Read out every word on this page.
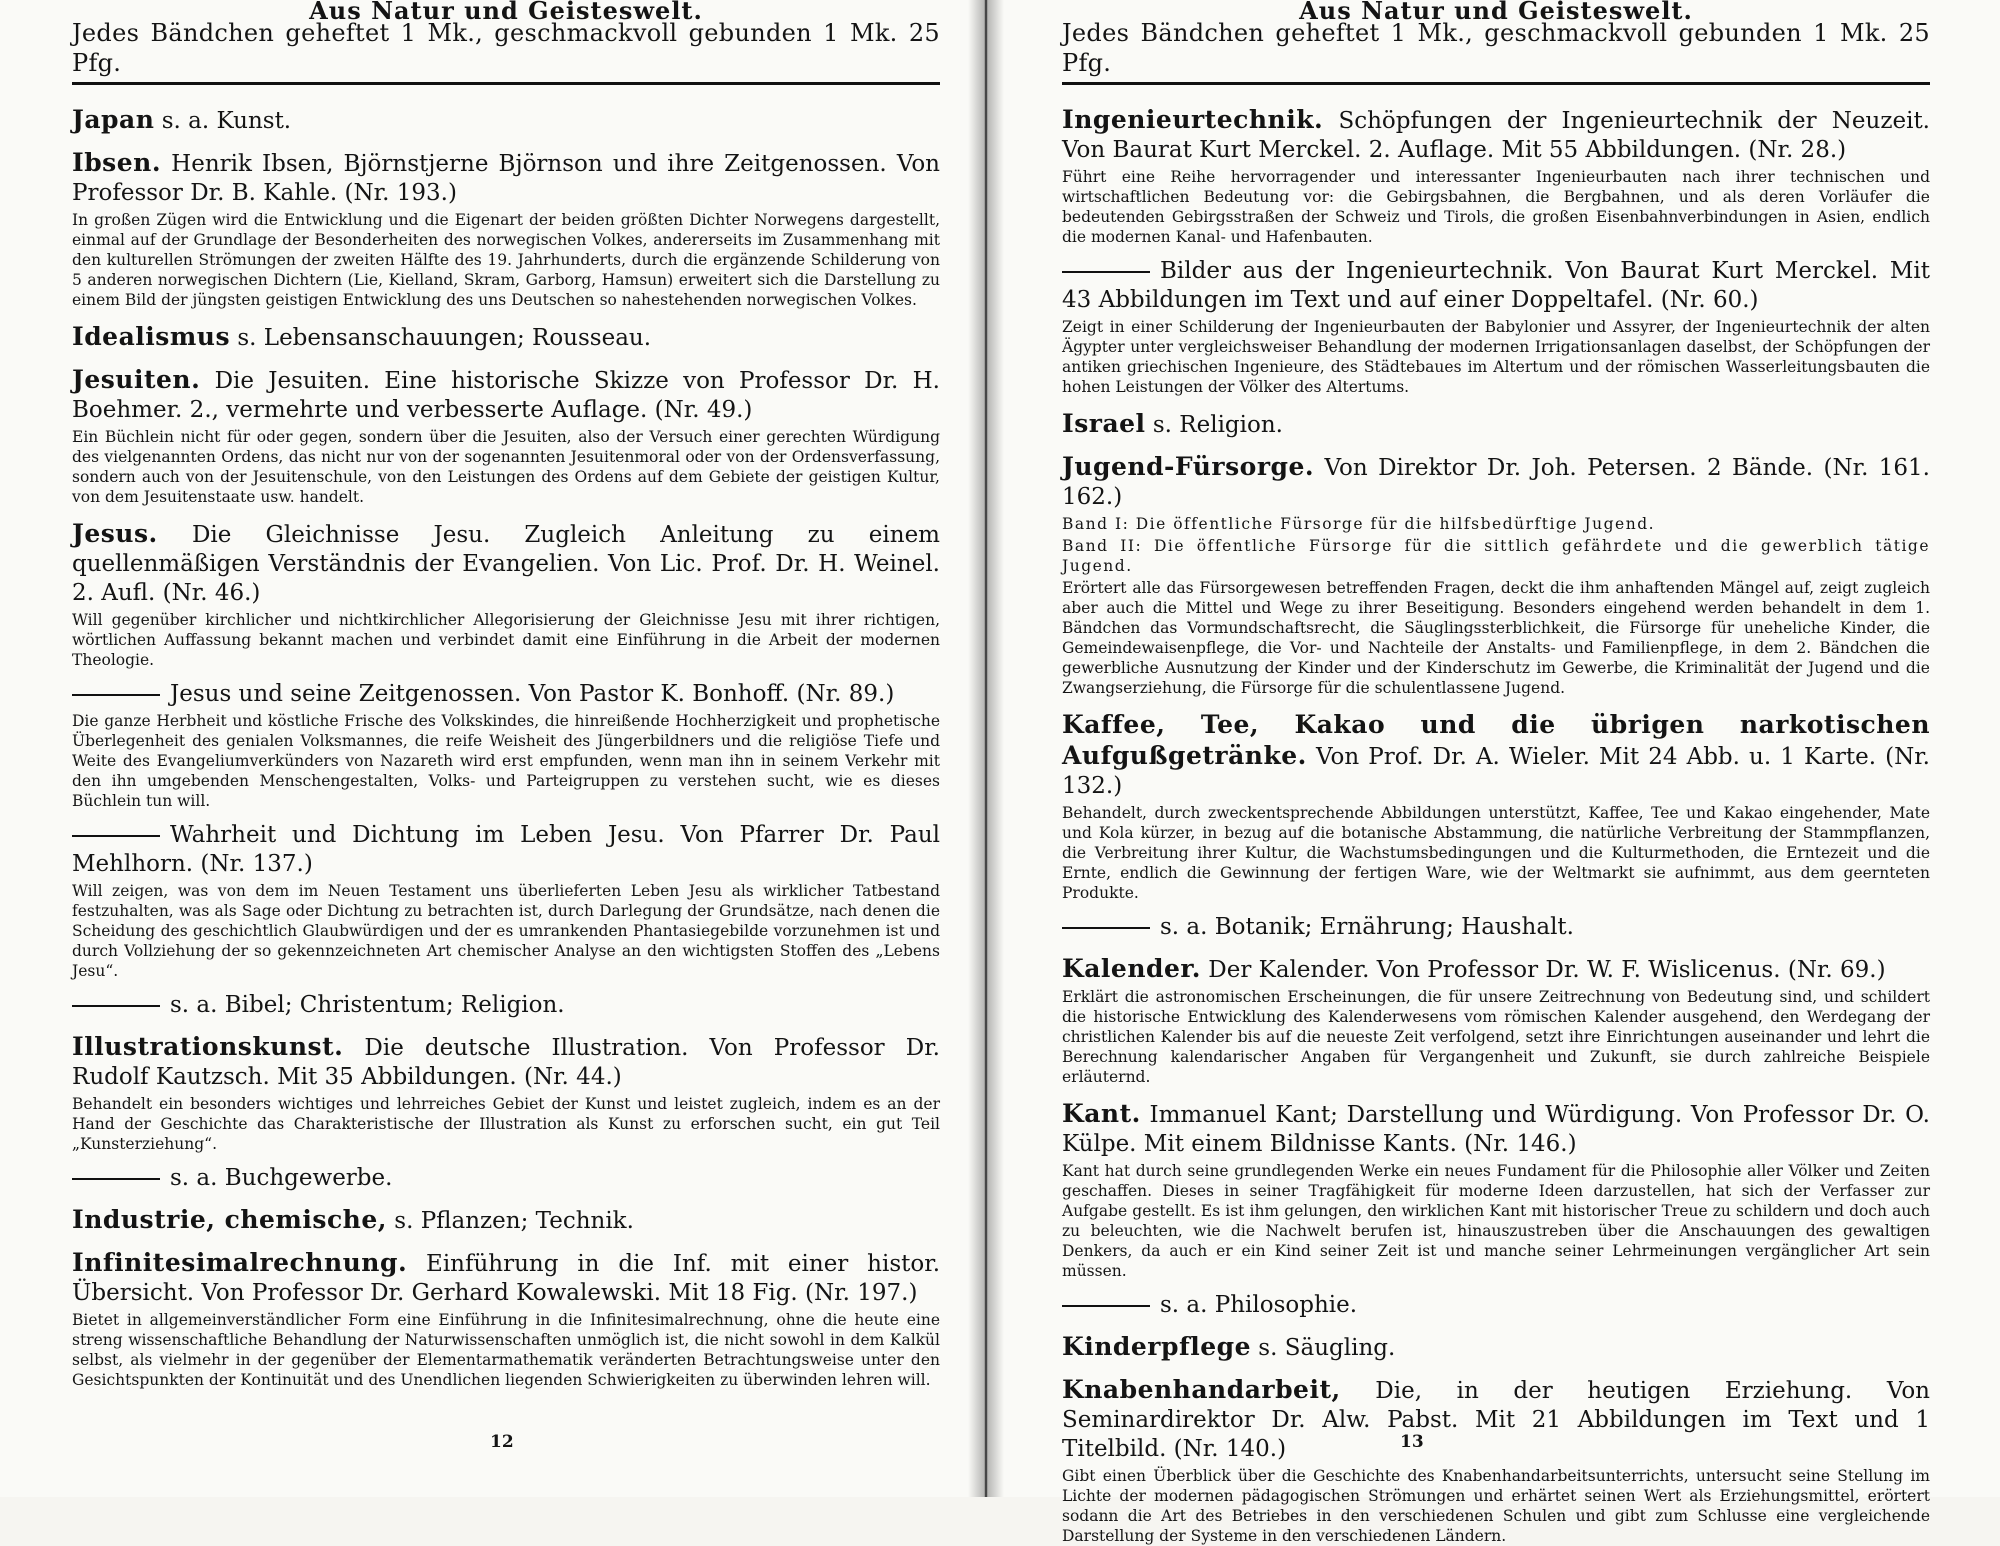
Aus Natur und Geisteswelt.
Jedes Bändchen geheftet 1 Mk., geschmackvoll gebunden 1 Mk. 25 Pfg.
Japan s. a. Kunst.
Ibsen. Henrik Ibsen, Björnstjerne Björnson und ihre Zeitgenossen. Von Professor Dr. B. Kahle. (Nr. 193.)
In großen Zügen wird die Entwicklung und die Eigenart der beiden größten Dichter Norwegens dargestellt, einmal auf der Grundlage der Besonderheiten des norwegischen Volkes, andererseits im Zusammenhang mit den kulturellen Strömungen der zweiten Hälfte des 19. Jahrhunderts, durch die ergänzende Schilderung von 5 anderen norwegischen Dichtern (Lie, Kielland, Skram, Garborg, Hamsun) erweitert sich die Darstellung zu einem Bild der jüngsten geistigen Entwicklung des uns Deutschen so nahestehenden norwegischen Volkes.
Idealismus s. Lebensanschauungen; Rousseau.
Jesuiten. Die Jesuiten. Eine historische Skizze von Professor Dr. H. Boehmer. 2., vermehrte und verbesserte Auflage. (Nr. 49.)
Ein Büchlein nicht für oder gegen, sondern über die Jesuiten, also der Versuch einer gerechten Würdigung des vielgenannten Ordens, das nicht nur von der sogenannten Jesuitenmoral oder von der Ordensverfassung, sondern auch von der Jesuitenschule, von den Leistungen des Ordens auf dem Gebiete der geistigen Kultur, von dem Jesuitenstaate usw. handelt.
Jesus. Die Gleichnisse Jesu. Zugleich Anleitung zu einem quellenmäßigen Verständnis der Evangelien. Von Lic. Prof. Dr. H. Weinel. 2. Aufl. (Nr. 46.)
Will gegenüber kirchlicher und nichtkirchlicher Allegorisierung der Gleichnisse Jesu mit ihrer richtigen, wörtlichen Auffassung bekannt machen und verbindet damit eine Einführung in die Arbeit der modernen Theologie.
Jesus und seine Zeitgenossen. Von Pastor K. Bonhoff. (Nr. 89.)
Die ganze Herbheit und köstliche Frische des Volkskindes, die hinreißende Hochherzigkeit und prophetische Überlegenheit des genialen Volksmannes, die reife Weisheit des Jüngerbildners und die religiöse Tiefe und Weite des Evangeliumverkünders von Nazareth wird erst empfunden, wenn man ihn in seinem Verkehr mit den ihn umgebenden Menschengestalten, Volks- und Parteigruppen zu verstehen sucht, wie es dieses Büchlein tun will.
Wahrheit und Dichtung im Leben Jesu. Von Pfarrer Dr. Paul Mehlhorn. (Nr. 137.)
Will zeigen, was von dem im Neuen Testament uns überlieferten Leben Jesu als wirklicher Tatbestand festzuhalten, was als Sage oder Dichtung zu betrachten ist, durch Darlegung der Grundsätze, nach denen die Scheidung des geschichtlich Glaubwürdigen und der es umrankenden Phantasiegebilde vorzunehmen ist und durch Vollziehung der so gekennzeichneten Art chemischer Analyse an den wichtigsten Stoffen des „Lebens Jesu“.
s. a. Bibel; Christentum; Religion.
Illustrationskunst. Die deutsche Illustration. Von Professor Dr. Rudolf Kautzsch. Mit 35 Abbildungen. (Nr. 44.)
Behandelt ein besonders wichtiges und lehrreiches Gebiet der Kunst und leistet zugleich, indem es an der Hand der Geschichte das Charakteristische der Illustration als Kunst zu erforschen sucht, ein gut Teil „Kunsterziehung“.
s. a. Buchgewerbe.
Industrie, chemische, s. Pflanzen; Technik.
Infinitesimalrechnung. Einführung in die Inf. mit einer histor. Übersicht. Von Professor Dr. Gerhard Kowalewski. Mit 18 Fig. (Nr. 197.)
Bietet in allgemeinverständlicher Form eine Einführung in die Infinitesimalrechnung, ohne die heute eine streng wissenschaftliche Behandlung der Naturwissenschaften unmöglich ist, die nicht sowohl in dem Kalkül selbst, als vielmehr in der gegenüber der Elementarmathematik veränderten Betrachtungsweise unter den Gesichtspunkten der Kontinuität und des Unendlichen liegenden Schwierigkeiten zu überwinden lehren will.
12
Aus Natur und Geisteswelt.
Jedes Bändchen geheftet 1 Mk., geschmackvoll gebunden 1 Mk. 25 Pfg.
Ingenieurtechnik. Schöpfungen der Ingenieurtechnik der Neuzeit. Von Baurat Kurt Merckel. 2. Auflage. Mit 55 Abbildungen. (Nr. 28.)
Führt eine Reihe hervorragender und interessanter Ingenieurbauten nach ihrer technischen und wirtschaftlichen Bedeutung vor: die Gebirgsbahnen, die Bergbahnen, und als deren Vorläufer die bedeutenden Gebirgsstraßen der Schweiz und Tirols, die großen Eisenbahnverbindungen in Asien, endlich die modernen Kanal- und Hafenbauten.
Bilder aus der Ingenieurtechnik. Von Baurat Kurt Merckel. Mit 43 Abbildungen im Text und auf einer Doppeltafel. (Nr. 60.)
Zeigt in einer Schilderung der Ingenieurbauten der Babylonier und Assyrer, der Ingenieurtechnik der alten Ägypter unter vergleichsweiser Behandlung der modernen Irrigationsanlagen daselbst, der Schöpfungen der antiken griechischen Ingenieure, des Städtebaues im Altertum und der römischen Wasserleitungsbauten die hohen Leistungen der Völker des Altertums.
Israel s. Religion.
Jugend-Fürsorge. Von Direktor Dr. Joh. Petersen. 2 Bände. (Nr. 161. 162.)
Band I: Die öffentliche Fürsorge für die hilfsbedürftige Jugend.
Band II: Die öffentliche Fürsorge für die sittlich gefährdete und die gewerblich tätige Jugend.
Erörtert alle das Fürsorgewesen betreffenden Fragen, deckt die ihm anhaftenden Mängel auf, zeigt zugleich aber auch die Mittel und Wege zu ihrer Beseitigung. Besonders eingehend werden behandelt in dem 1. Bändchen das Vormundschaftsrecht, die Säuglingssterblichkeit, die Fürsorge für uneheliche Kinder, die Gemeindewaisenpflege, die Vor- und Nachteile der Anstalts- und Familienpflege, in dem 2. Bändchen die gewerbliche Ausnutzung der Kinder und der Kinderschutz im Gewerbe, die Kriminalität der Jugend und die Zwangserziehung, die Fürsorge für die schulentlassene Jugend.
Kaffee, Tee, Kakao und die übrigen narkotischen Aufgußgetränke. Von Prof. Dr. A. Wieler. Mit 24 Abb. u. 1 Karte. (Nr. 132.)
Behandelt, durch zweckentsprechende Abbildungen unterstützt, Kaffee, Tee und Kakao eingehender, Mate und Kola kürzer, in bezug auf die botanische Abstammung, die natürliche Verbreitung der Stammpflanzen, die Verbreitung ihrer Kultur, die Wachstumsbedingungen und die Kulturmethoden, die Erntezeit und die Ernte, endlich die Gewinnung der fertigen Ware, wie der Weltmarkt sie aufnimmt, aus dem geernteten Produkte.
s. a. Botanik; Ernährung; Haushalt.
Kalender. Der Kalender. Von Professor Dr. W. F. Wislicenus. (Nr. 69.)
Erklärt die astronomischen Erscheinungen, die für unsere Zeitrechnung von Bedeutung sind, und schildert die historische Entwicklung des Kalenderwesens vom römischen Kalender ausgehend, den Werdegang der christlichen Kalender bis auf die neueste Zeit verfolgend, setzt ihre Einrichtungen auseinander und lehrt die Berechnung kalendarischer Angaben für Vergangenheit und Zukunft, sie durch zahlreiche Beispiele erläuternd.
Kant. Immanuel Kant; Darstellung und Würdigung. Von Professor Dr. O. Külpe. Mit einem Bildnisse Kants. (Nr. 146.)
Kant hat durch seine grundlegenden Werke ein neues Fundament für die Philosophie aller Völker und Zeiten geschaffen. Dieses in seiner Tragfähigkeit für moderne Ideen darzustellen, hat sich der Verfasser zur Aufgabe gestellt. Es ist ihm gelungen, den wirklichen Kant mit historischer Treue zu schildern und doch auch zu beleuchten, wie die Nachwelt berufen ist, hinauszustreben über die Anschauungen des gewaltigen Denkers, da auch er ein Kind seiner Zeit ist und manche seiner Lehrmeinungen vergänglicher Art sein müssen.
s. a. Philosophie.
Kinderpflege s. Säugling.
Knabenhandarbeit, Die, in der heutigen Erziehung. Von Seminardirektor Dr. Alw. Pabst. Mit 21 Abbildungen im Text und 1 Titelbild. (Nr. 140.)
Gibt einen Überblick über die Geschichte des Knabenhandarbeitsunterrichts, untersucht seine Stellung im Lichte der modernen pädagogischen Strömungen und erhärtet seinen Wert als Erziehungsmittel, erörtert sodann die Art des Betriebes in den verschiedenen Schulen und gibt zum Schlusse eine vergleichende Darstellung der Systeme in den verschiedenen Ländern.
13
